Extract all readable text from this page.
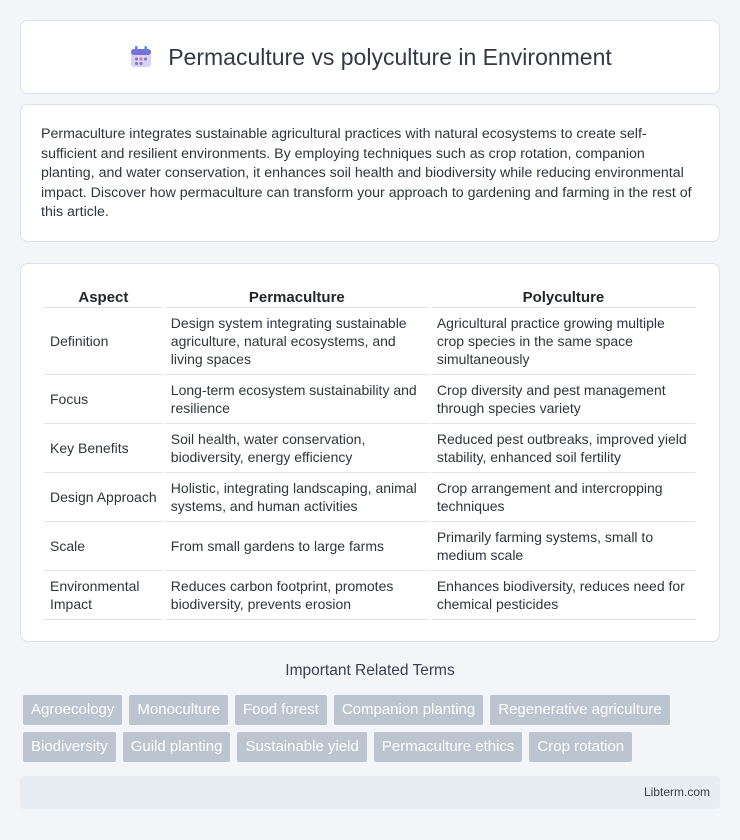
Permaculture vs polyculture in Environment

Permaculture integrates sustainable agricultural practices with natural ecosystems to create self-sufficient and resilient environments. By employing techniques such as crop rotation, companion planting, and water conservation, it enhances soil health and biodiversity while reducing environmental impact. Discover how permaculture can transform your approach to gardening and farming in the rest of this article.

Aspect	Permaculture	Polyculture
Definition	Design system integrating sustainable agriculture, natural ecosystems, and living spaces	Agricultural practice growing multiple crop species in the same space simultaneously
Focus	Long-term ecosystem sustainability and resilience	Crop diversity and pest management through species variety
Key Benefits	Soil health, water conservation, biodiversity, energy efficiency	Reduced pest outbreaks, improved yield stability, enhanced soil fertility
Design Approach	Holistic, integrating landscaping, animal systems, and human activities	Crop arrangement and intercropping techniques
Scale	From small gardens to large farms	Primarily farming systems, small to medium scale
Environmental Impact	Reduces carbon footprint, promotes biodiversity, prevents erosion	Enhances biodiversity, reduces need for chemical pesticides
Important Related Terms
Agroecology	Monoculture	Food forest	Companion planting	Regenerative agriculture
Biodiversity	Guild planting	Sustainable yield	Permaculture ethics	Crop rotation
Libterm.com
